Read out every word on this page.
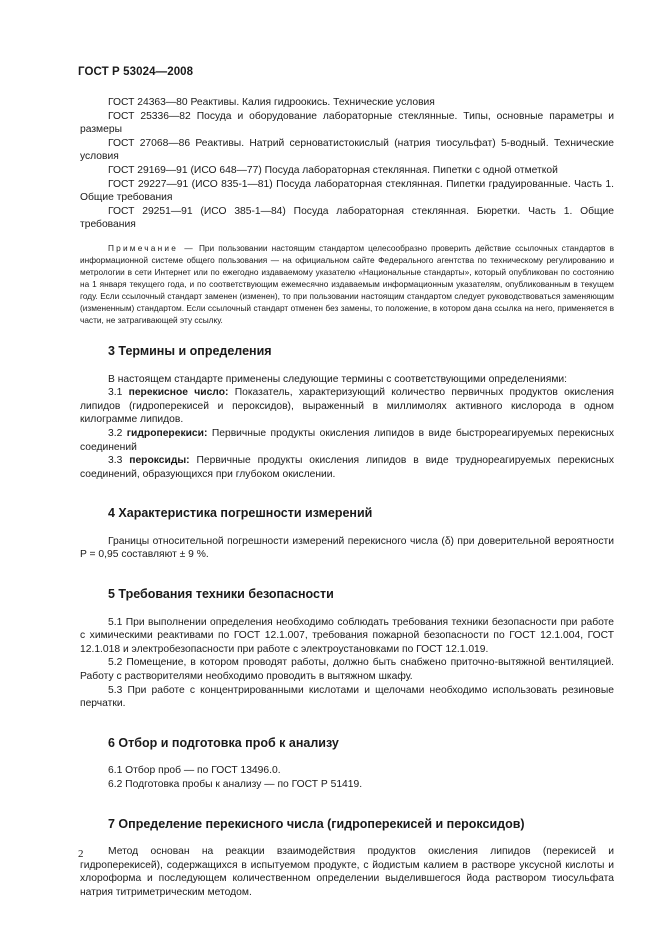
ГОСТ Р 53024—2008

ГОСТ 24363—80 Реактивы. Калия гидроокись. Технические условия

ГОСТ 25336—82 Посуда и оборудование лабораторные стеклянные. Типы, основные параметры и размеры

ГОСТ 27068—86 Реактивы. Натрий серноватистокислый (натрия тиосульфат) 5-водный. Технические условия

ГОСТ 29169—91 (ИСО 648—77) Посуда лабораторная стеклянная. Пипетки с одной отметкой

ГОСТ 29227—91 (ИСО 835-1—81) Посуда лабораторная стеклянная. Пипетки градуированные. Часть 1. Общие требования

ГОСТ 29251—91 (ИСО 385-1—84) Посуда лабораторная стеклянная. Бюретки. Часть 1. Общие требования

Примечание — При пользовании настоящим стандартом целесообразно проверить действие ссылочных стандартов в информационной системе общего пользования — на официальном сайте Федерального агентства по техническому регулированию и метрологии в сети Интернет или по ежегодно издаваемому указателю «Национальные стандарты», который опубликован по состоянию на 1 января текущего года, и по соответствующим ежемесячно издаваемым информационным указателям, опубликованным в текущем году. Если ссылочный стандарт заменен (изменен), то при пользовании настоящим стандартом следует руководствоваться заменяющим (измененным) стандартом. Если ссылочный стандарт отменен без замены, то положение, в котором дана ссылка на него, применяется в части, не затрагивающей эту ссылку.

3 Термины и определения

В настоящем стандарте применены следующие термины с соответствующими определениями:

3.1 перекисное число: Показатель, характеризующий количество первичных продуктов окисления липидов (гидроперекисей и пероксидов), выраженный в миллимолях активного кислорода в одном килограмме липидов.

3.2 гидроперекиси: Первичные продукты окисления липидов в виде быстрореагируемых перекисных соединений

3.3 пероксиды: Первичные продукты окисления липидов в виде труднореагируемых перекисных соединений, образующихся при глубоком окислении.

4 Характеристика погрешности измерений

Границы относительной погрешности измерений перекисного числа (δ) при доверительной вероятности P = 0,95 составляют ± 9 %.

5 Требования техники безопасности

5.1 При выполнении определения необходимо соблюдать требования техники безопасности при работе с химическими реактивами по ГОСТ 12.1.007, требования пожарной безопасности по ГОСТ 12.1.004, ГОСТ 12.1.018 и электробезопасности при работе с электроустановками по ГОСТ 12.1.019.

5.2 Помещение, в котором проводят работы, должно быть снабжено приточно-вытяжной вентиляцией. Работу с растворителями необходимо проводить в вытяжном шкафу.

5.3 При работе с концентрированными кислотами и щелочами необходимо использовать резиновые перчатки.

6 Отбор и подготовка проб к анализу

6.1 Отбор проб — по ГОСТ 13496.0.

6.2 Подготовка пробы к анализу — по ГОСТ Р 51419.

7 Определение перекисного числа (гидроперекисей и пероксидов)

Метод основан на реакции взаимодействия продуктов окисления липидов (перекисей и гидроперекисей), содержащихся в испытуемом продукте, с йодистым калием в растворе уксусной кислоты и хлороформа и последующем количественном определении выделившегося йода раствором тиосульфата натрия титриметрическим методом.

2
